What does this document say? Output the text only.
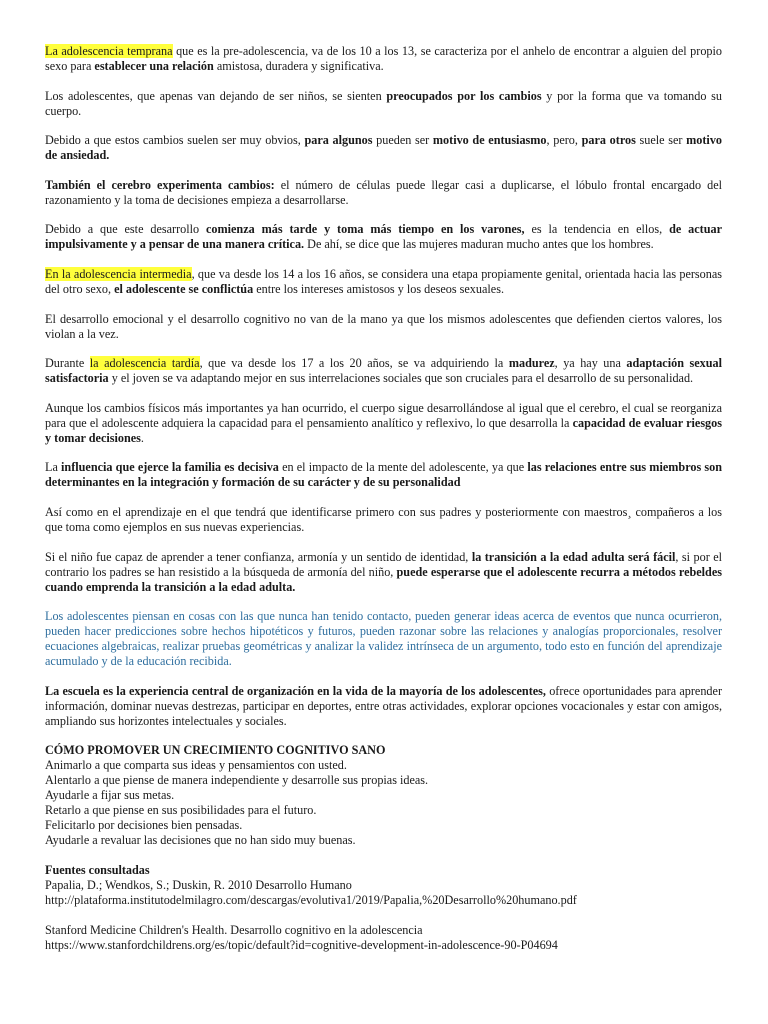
La adolescencia temprana que es la pre-adolescencia, va de los 10 a los 13, se caracteriza por el anhelo de encontrar a alguien del propio sexo para establecer una relación amistosa, duradera y significativa.

Los adolescentes, que apenas van dejando de ser niños, se sienten preocupados por los cambios y por la forma que va tomando su cuerpo.

Debido a que estos cambios suelen ser muy obvios, para algunos pueden ser motivo de entusiasmo, pero, para otros suele ser motivo de ansiedad.

También el cerebro experimenta cambios: el número de células puede llegar casi a duplicarse, el lóbulo frontal encargado del razonamiento y la toma de decisiones empieza a desarrollarse.

Debido a que este desarrollo comienza más tarde y toma más tiempo en los varones, es la tendencia en ellos, de actuar impulsivamente y a pensar de una manera crítica. De ahí, se dice que las mujeres maduran mucho antes que los hombres.

En la adolescencia intermedia, que va desde los 14 a los 16 años, se considera una etapa propiamente genital, orientada hacia las personas del otro sexo, el adolescente se conflictúa entre los intereses amistosos y los deseos sexuales.

El desarrollo emocional y el desarrollo cognitivo no van de la mano ya que los mismos adolescentes que defienden ciertos valores, los violan a la vez.

Durante la adolescencia tardía, que va desde los 17 a los 20 años, se va adquiriendo la madurez, ya hay una adaptación sexual satisfactoria y el joven se va adaptando mejor en sus interrelaciones sociales que son cruciales para el desarrollo de su personalidad.

Aunque los cambios físicos más importantes ya han ocurrido, el cuerpo sigue desarrollándose al igual que el cerebro, el cual se reorganiza para que el adolescente adquiera la capacidad para el pensamiento analítico y reflexivo, lo que desarrolla la capacidad de evaluar riesgos y tomar decisiones.

La influencia que ejerce la familia es decisiva en el impacto de la mente del adolescente, ya que las relaciones entre sus miembros son determinantes en la integración y formación de su carácter y de su personalidad

Así como en el aprendizaje en el que tendrá que identificarse primero con sus padres y posteriormente con maestros¸ compañeros a los que toma como ejemplos en sus nuevas experiencias.

Si el niño fue capaz de aprender a tener confianza, armonía y un sentido de identidad, la transición a la edad adulta será fácil, si por el contrario los padres se han resistido a la búsqueda de armonía del niño, puede esperarse que el adolescente recurra a métodos rebeldes cuando emprenda la transición a la edad adulta.

Los adolescentes piensan en cosas con las que nunca han tenido contacto, pueden generar ideas acerca de eventos que nunca ocurrieron, pueden hacer predicciones sobre hechos hipotéticos y futuros, pueden razonar sobre las relaciones y analogías proporcionales, resolver ecuaciones algebraicas, realizar pruebas geométricas y analizar la validez intrínseca de un argumento, todo esto en función del aprendizaje acumulado y de la educación recibida.

La escuela es la experiencia central de organización en la vida de la mayoría de los adolescentes, ofrece oportunidades para aprender información, dominar nuevas destrezas, participar en deportes, entre otras actividades, explorar opciones vocacionales y estar con amigos, ampliando sus horizontes intelectuales y sociales.

CÓMO PROMOVER UN CRECIMIENTO COGNITIVO SANO
Animarlo a que comparta sus ideas y pensamientos con usted.
Alentarlo a que piense de manera independiente y desarrolle sus propias ideas.
Ayudarle a fijar sus metas.
Retarlo a que piense en sus posibilidades para el futuro.
Felicitarlo por decisiones bien pensadas.
Ayudarle a revaluar las decisiones que no han sido muy buenas.
Fuentes consultadas
Papalia, D.; Wendkos, S.; Duskin, R. 2010 Desarrollo Humano
http://plataforma.institutodelmilagro.com/descargas/evolutiva1/2019/Papalia,%20Desarrollo%20humano.pdf
Stanford Medicine Children's Health. Desarrollo cognitivo en la adolescencia
https://www.stanfordchildrens.org/es/topic/default?id=cognitive-development-in-adolescence-90-P04694
